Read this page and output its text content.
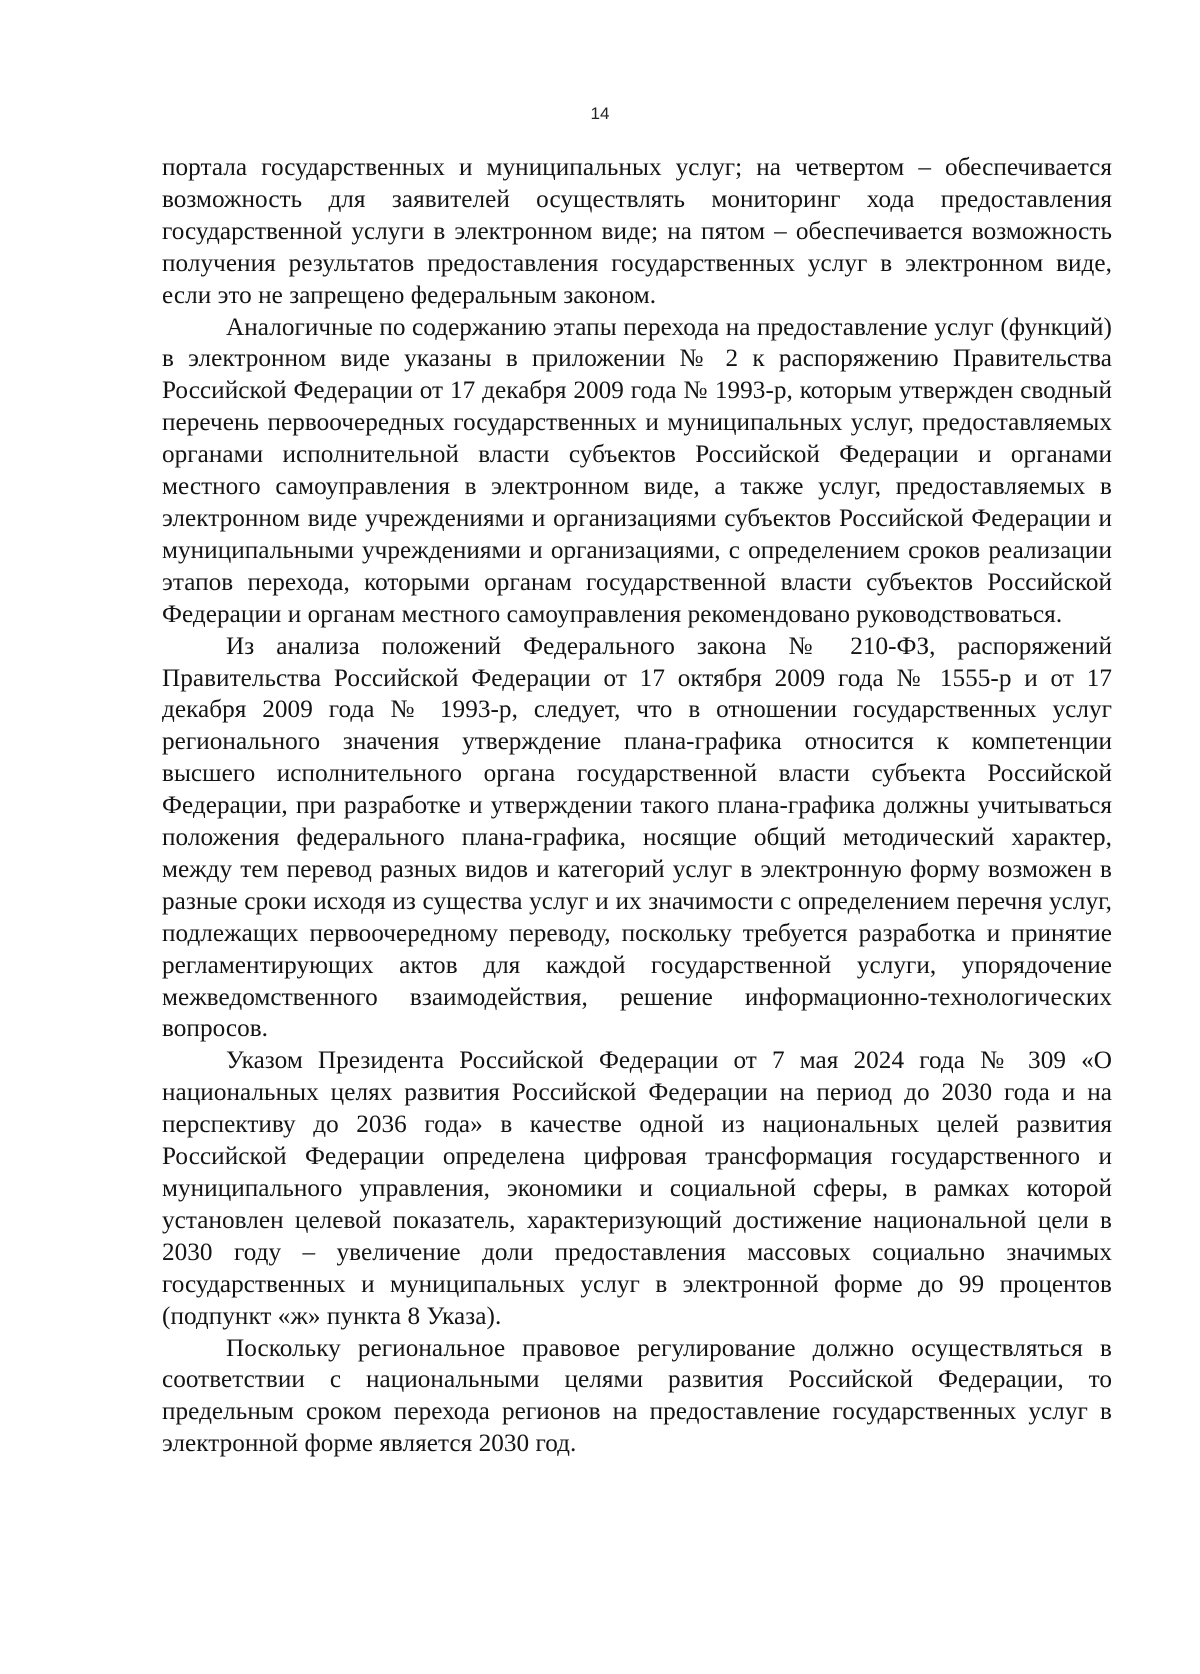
14

портала государственных и муниципальных услуг; на четвертом – обеспечивается возможность для заявителей осуществлять мониторинг хода предоставления государственной услуги в электронном виде; на пятом – обеспечивается возможность получения результатов предоставления государственных услуг в электронном виде, если это не запрещено федеральным законом.

Аналогичные по содержанию этапы перехода на предоставление услуг (функций) в электронном виде указаны в приложении № 2 к распоряжению Правительства Российской Федерации от 17 декабря 2009 года № 1993-р, которым утвержден сводный перечень первоочередных государственных и муниципальных услуг, предоставляемых органами исполнительной власти субъектов Российской Федерации и органами местного самоуправления в электронном виде, а также услуг, предоставляемых в электронном виде учреждениями и организациями субъектов Российской Федерации и муниципальными учреждениями и организациями, с определением сроков реализации этапов перехода, которыми органам государственной власти субъектов Российской Федерации и органам местного самоуправления рекомендовано руководствоваться.

Из анализа положений Федерального закона № 210-ФЗ, распоряжений Правительства Российской Федерации от 17 октября 2009 года № 1555-р и от 17 декабря 2009 года № 1993-р, следует, что в отношении государственных услуг регионального значения утверждение плана-графика относится к компетенции высшего исполнительного органа государственной власти субъекта Российской Федерации, при разработке и утверждении такого плана-графика должны учитываться положения федерального плана-графика, носящие общий методический характер, между тем перевод разных видов и категорий услуг в электронную форму возможен в разные сроки исходя из существа услуг и их значимости с определением перечня услуг, подлежащих первоочередному переводу, поскольку требуется разработка и принятие регламентирующих актов для каждой государственной услуги, упорядочение межведомственного взаимодействия, решение информационно-технологических вопросов.

Указом Президента Российской Федерации от 7 мая 2024 года № 309 «О национальных целях развития Российской Федерации на период до 2030 года и на перспективу до 2036 года» в качестве одной из национальных целей развития Российской Федерации определена цифровая трансформация государственного и муниципального управления, экономики и социальной сферы, в рамках которой установлен целевой показатель, характеризующий достижение национальной цели в 2030 году – увеличение доли предоставления массовых социально значимых государственных и муниципальных услуг в электронной форме до 99 процентов (подпункт «ж» пункта 8 Указа).

Поскольку региональное правовое регулирование должно осуществляться в соответствии с национальными целями развития Российской Федерации, то предельным сроком перехода регионов на предоставление государственных услуг в электронной форме является 2030 год.
